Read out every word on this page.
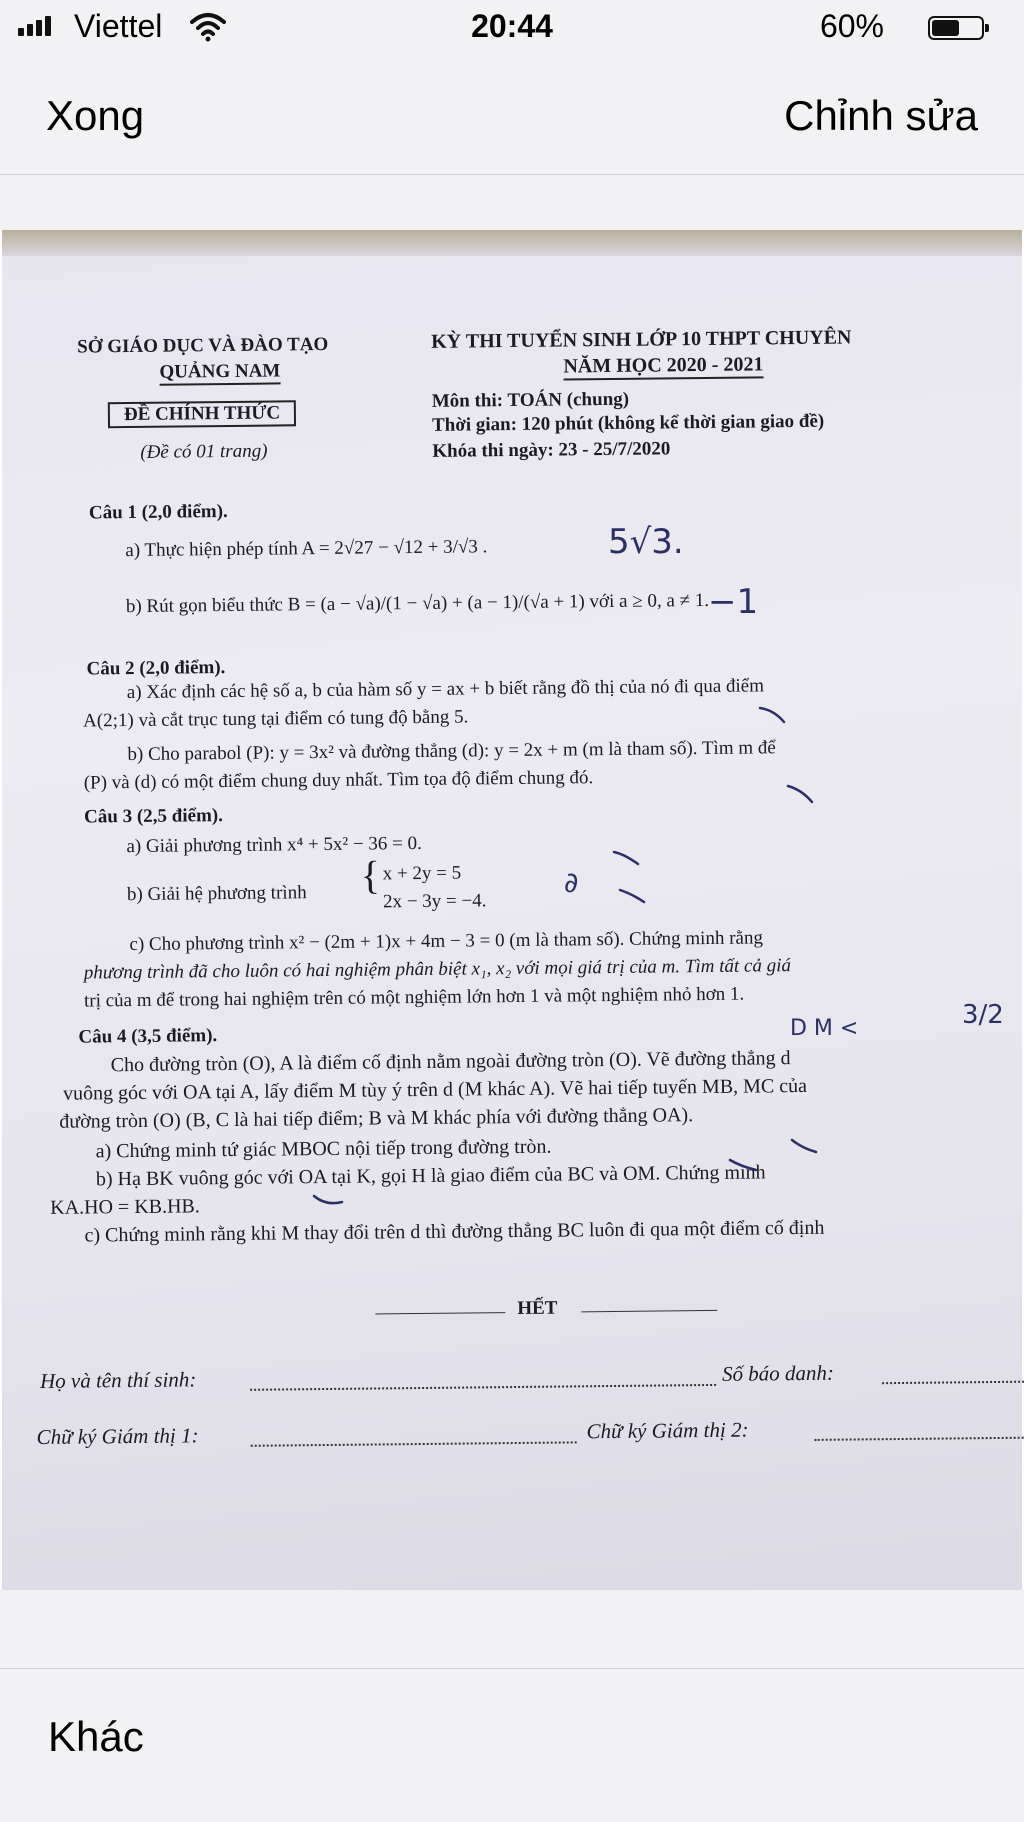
Viettel	20:44	60%
Xong	Chỉnh sửa
SỞ GIÁO DỤC VÀ ĐÀO TẠO
QUẢNG NAM
ĐỀ CHÍNH THỨC
(Đề có 01 trang)
KỲ THI TUYỂN SINH LỚP 10 THPT CHUYÊN
NĂM HỌC 2020 - 2021
Môn thi: TOÁN (chung)
Thời gian: 120 phút (không kể thời gian giao đề)
Khóa thi ngày: 23 - 25/7/2020
Câu 1 (2,0 điểm).
a) Thực hiện phép tính A = 2√27 − √12 + 3/√3 .
b) Rút gọn biểu thức B = (a − √a)/(1 − √a) + (a − 1)/(√a + 1) với a ≥ 0, a ≠ 1.
Câu 2 (2,0 điểm).
a) Xác định các hệ số a, b của hàm số y = ax + b biết rằng đồ thị của nó đi qua điểm
A(2;1) và cắt trục tung tại điểm có tung độ bằng 5.
b) Cho parabol (P): y = 3x² và đường thẳng (d): y = 2x + m (m là tham số). Tìm m để
(P) và (d) có một điểm chung duy nhất. Tìm tọa độ điểm chung đó.
Câu 3 (2,5 điểm).
a) Giải phương trình x⁴ + 5x² − 36 = 0.
b) Giải hệ phương trình { x + 2y = 5
2x − 3y = −4.
c) Cho phương trình x² − (2m + 1)x + 4m − 3 = 0 (m là tham số). Chứng minh rằng
phương trình đã cho luôn có hai nghiệm phân biệt x₁, x₂ với mọi giá trị của m. Tìm tất cả giá
trị của m để trong hai nghiệm trên có một nghiệm lớn hơn 1 và một nghiệm nhỏ hơn 1.
Câu 4 (3,5 điểm).
Cho đường tròn (O), A là điểm cố định nằm ngoài đường tròn (O). Vẽ đường thẳng d
vuông góc với OA tại A, lấy điểm M tùy ý trên d (M khác A). Vẽ hai tiếp tuyến MB, MC của
đường tròn (O) (B, C là hai tiếp điểm; B và M khác phía với đường thẳng OA).
a) Chứng minh tứ giác MBOC nội tiếp trong đường tròn.
b) Hạ BK vuông góc với OA tại K, gọi H là giao điểm của BC và OM. Chứng minh
KA.HO = KB.HB.
c) Chứng minh rằng khi M thay đổi trên d thì đường thẳng BC luôn đi qua một điểm cố định
HẾT
Họ và tên thí sinh:	Số báo danh:
Chữ ký Giám thị 1:	Chữ ký Giám thị 2:
5√3.
−1
∂
D M <	3/2
Khác
